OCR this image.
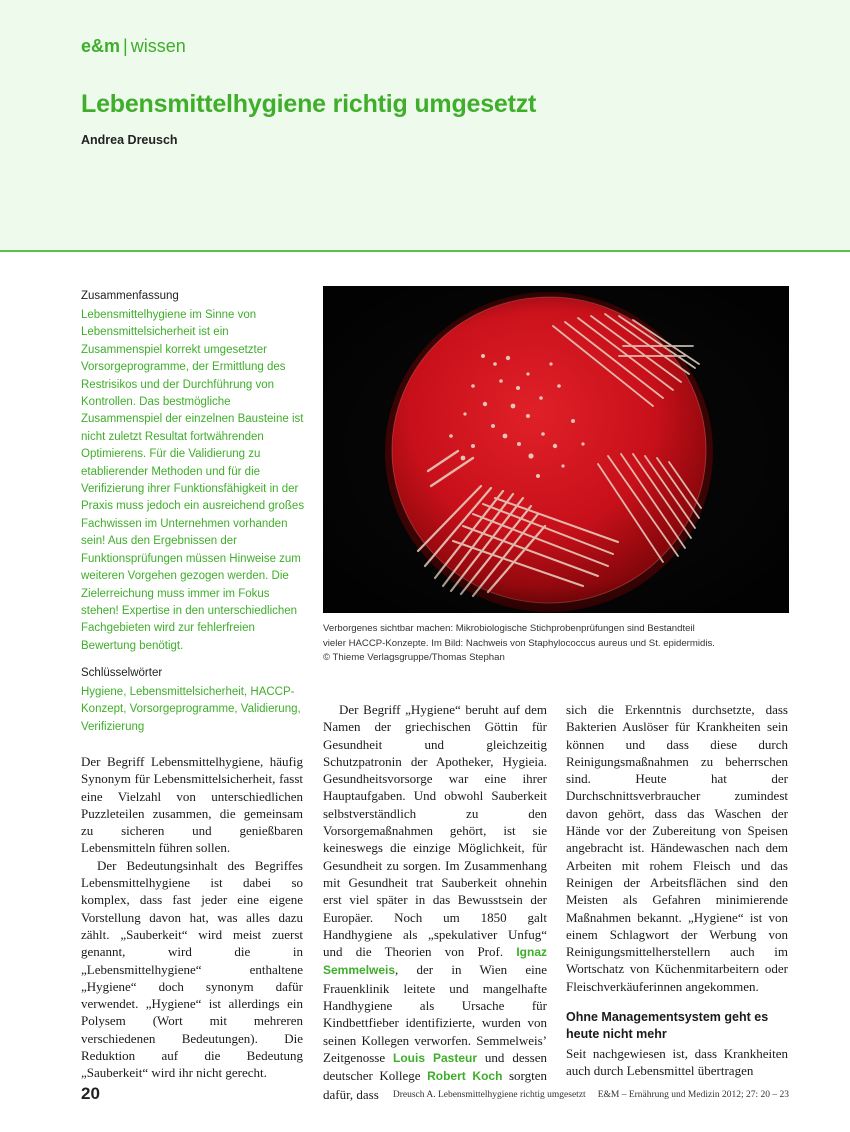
e&m | wissen
Lebensmittelhygiene richtig umgesetzt
Andrea Dreusch
Zusammenfassung

Lebensmittelhygiene im Sinne von Lebensmittelsicherheit ist ein Zusammenspiel korrekt umgesetzter Vorsorgeprogramme, der Ermittlung des Restrisikos und der Durchführung von Kontrollen. Das bestmögliche Zusammenspiel der einzelnen Bausteine ist nicht zuletzt Resultat fortwährenden Optimierens. Für die Validierung zu etablierender Methoden und für die Verifizierung ihrer Funktionsfähigkeit in der Praxis muss jedoch ein ausreichend großes Fachwissen im Unternehmen vorhanden sein! Aus den Ergebnissen der Funktionsprüfungen müssen Hinweise zum weiteren Vorgehen gezogen werden. Die Zielerreichung muss immer im Fokus stehen! Expertise in den unterschiedlichen Fachgebieten wird zur fehlerfreien Bewertung benötigt.

Schlüsselwörter

Hygiene, Lebensmittelsicherheit, HACCP-Konzept, Vorsorgeprogramme, Validierung, Verifizierung

Der Begriff Lebensmittelhygiene, häufig Synonym für Lebensmittelsicherheit, fasst eine Vielzahl von unterschiedlichen Puzzleteilen zusammen, die gemeinsam zu sicheren und genießbaren Lebensmitteln führen sollen.

Der Bedeutungsinhalt des Begriffes Lebensmittelhygiene ist dabei so komplex, dass fast jeder eine eigene Vorstellung davon hat, was alles dazu zählt. „Sauberkeit“ wird meist zuerst genannt, wird die in „Lebensmittelhygiene“ enthaltene „Hygiene“ doch synonym dafür verwendet. „Hygiene“ ist allerdings ein Polysem (Wort mit mehreren verschiedenen Bedeutungen). Die Reduktion auf die Bedeutung „Sauberkeit“ wird ihr nicht gerecht.

Verborgenes sichtbar machen: Mikrobiologische Stichprobenprüfungen sind Bestandteil
vieler HACCP-Konzepte. Im Bild: Nachweis von Staphylococcus aureus und St. epidermidis.
© Thieme Verlagsgruppe/Thomas Stephan

Der Begriff „Hygiene“ beruht auf dem Namen der griechischen Göttin für Gesundheit und gleichzeitig Schutzpatronin der Apotheker, Hygieia. Gesundheitsvorsorge war eine ihrer Hauptaufgaben. Und obwohl Sauberkeit selbstverständlich zu den Vorsorgemaßnahmen gehört, ist sie keineswegs die einzige Möglichkeit, für Gesundheit zu sorgen. Im Zusammenhang mit Gesundheit trat Sauberkeit ohnehin erst viel später in das Bewusstsein der Europäer. Noch um 1850 galt Handhygiene als „spekulativer Unfug“ und die Theorien von Prof. Ignaz Semmelweis, der in Wien eine Frauenklinik leitete und mangelhafte Handhygiene als Ursache für Kindbettfieber identifizierte, wurden von seinen Kollegen verworfen. Semmelweis’ Zeitgenosse Louis Pasteur und dessen deutscher Kollege Robert Koch sorgten dafür, dass

sich die Erkenntnis durchsetzte, dass Bakterien Auslöser für Krankheiten sein können und dass diese durch Reinigungsmaßnahmen zu beherrschen sind. Heute hat der Durchschnittsverbraucher zumindest davon gehört, dass das Waschen der Hände vor der Zubereitung von Speisen angebracht ist. Händewaschen nach dem Arbeiten mit rohem Fleisch und das Reinigen der Arbeitsflächen sind den Meisten als Gefahren minimierende Maßnahmen bekannt. „Hygiene“ ist von einem Schlagwort der Werbung von Reinigungsmittelherstellern auch im Wortschatz von Küchenmitarbeitern oder Fleischverkäuferinnen angekommen.

Ohne Managementsystem geht es heute nicht mehr

Seit nachgewiesen ist, dass Krankheiten auch durch Lebensmittel übertragen

20	Dreusch A. Lebensmittelhygiene richtig umgesetzt E&M – Ernährung und Medizin 2012; 27: 20 – 23
